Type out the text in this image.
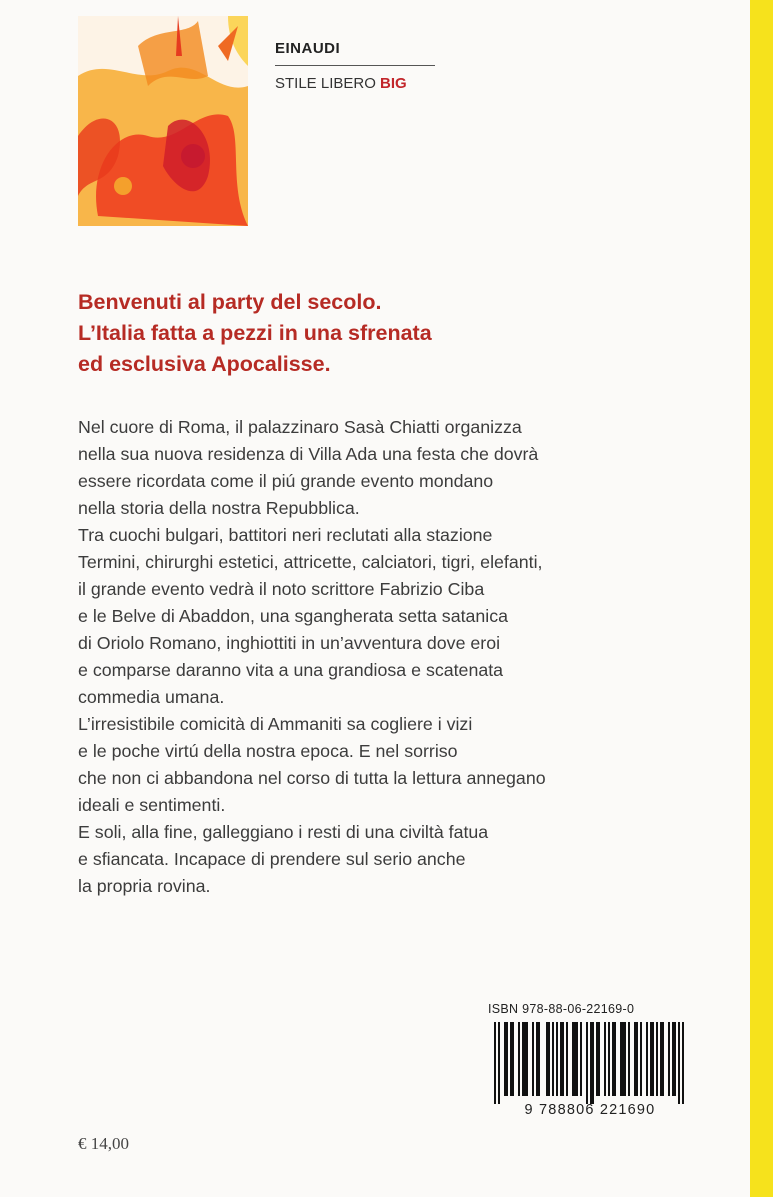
EINAUDI
STILE LIBERO BIG
Benvenuti al party del secolo.
L’Italia fatta a pezzi in una sfrenata
ed esclusiva Apocalisse.

Nel cuore di Roma, il palazzinaro Sasà Chiatti organizza
nella sua nuova residenza di Villa Ada una festa che dovrà
essere ricordata come il piú grande evento mondano
nella storia della nostra Repubblica.

Tra cuochi bulgari, battitori neri reclutati alla stazione
Termini, chirurghi estetici, attricette, calciatori, tigri, elefanti,
il grande evento vedrà il noto scrittore Fabrizio Ciba
e le Belve di Abaddon, una sgangherata setta satanica
di Oriolo Romano, inghiottiti in un’avventura dove eroi
e comparse daranno vita a una grandiosa e scatenata
commedia umana.

L’irresistibile comicità di Ammaniti sa cogliere i vizi
e le poche virtú della nostra epoca. E nel sorriso
che non ci abbandona nel corso di tutta la lettura annegano
ideali e sentimenti.

E soli, alla fine, galleggiano i resti di una civiltà fatua
e sfiancata. Incapace di prendere sul serio anche
la propria rovina.

ISBN 978-88-06-22169-0
9 788806 221690
€ 14,00
